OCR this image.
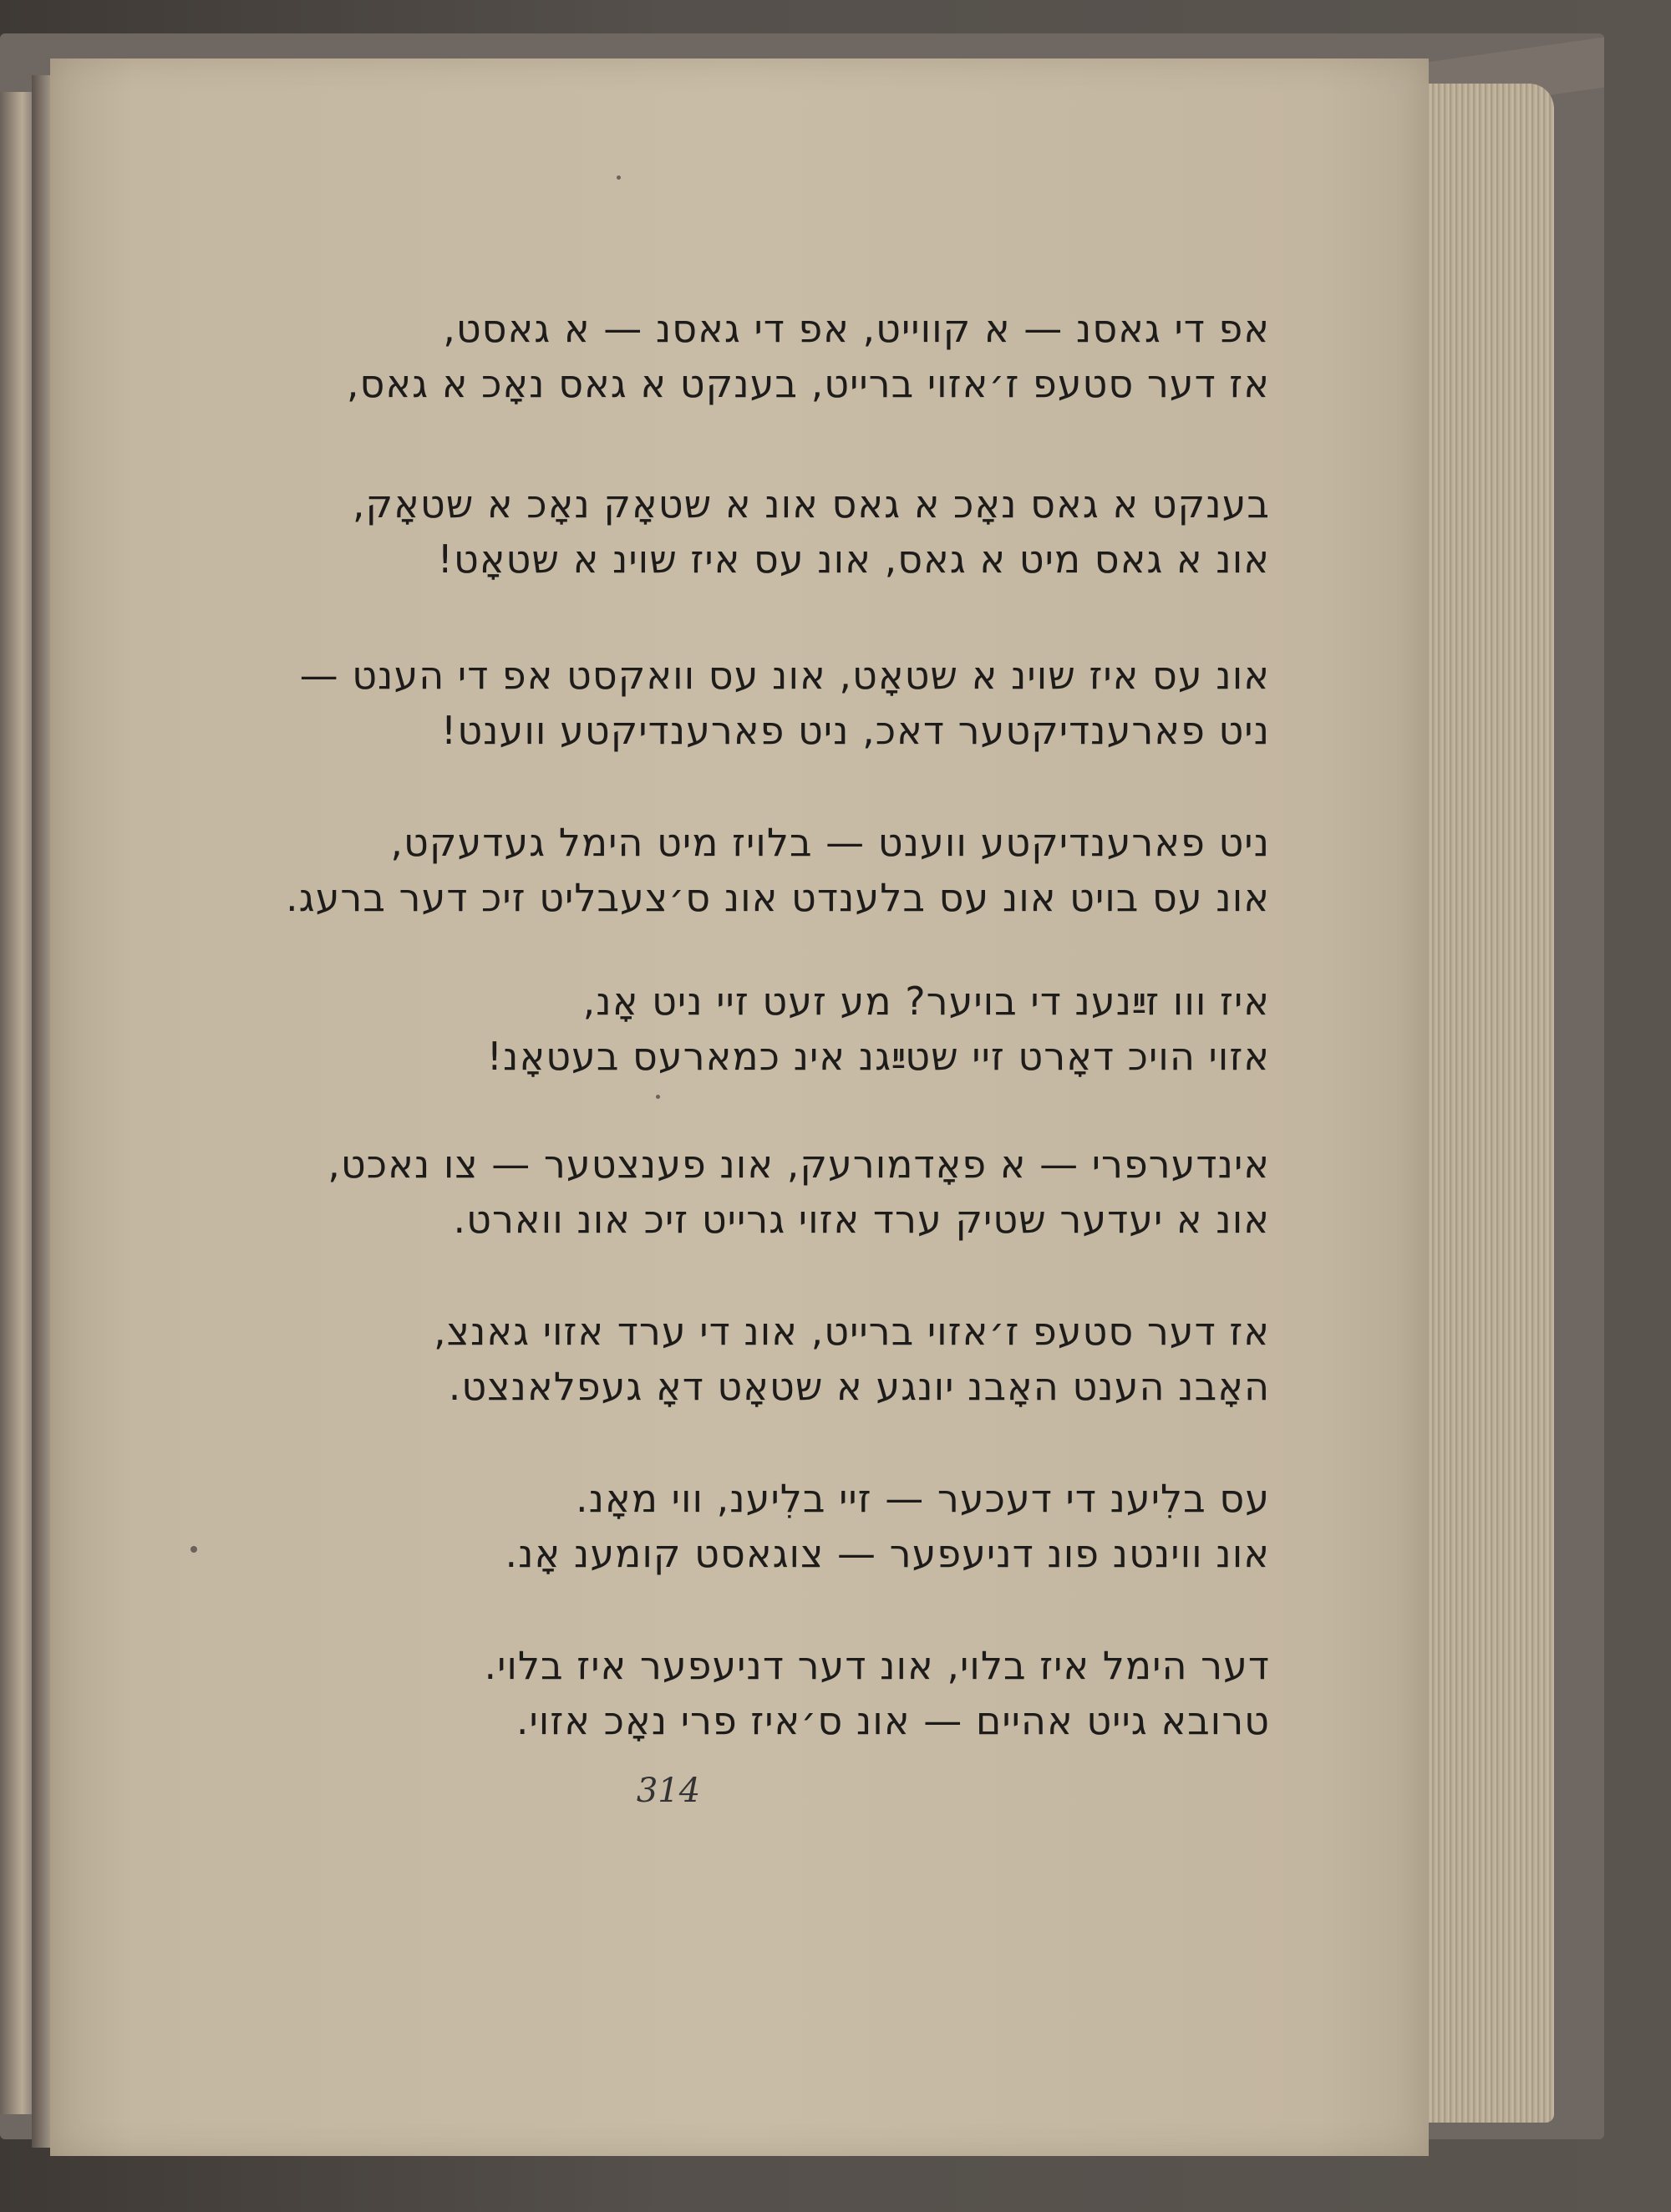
אפ די גאסנ — א קווייט, אפ די גאסנ — א גאסט,
אז דער סטעפ ז׳אזוי ברייט, בענקט א גאס נאָכ א גאס,
בענקט א גאס נאָכ א גאס אונ א שטאָק נאָכ א שטאָק,
אונ א גאס מיט א גאס, אונ עס איז שוינ א שטאָט!
אונ עס איז שוינ א שטאָט, אונ עס וואקסט אפ די הענט —
ניט פארענדיקטער דאכ, ניט פארענדיקטע ווענט!
ניט פארענדיקטע ווענט — בלויז מיט הימל געדעקט,
אונ עס בויט אונ עס בלענדט אונ ס׳צעבליט זיכ דער ברעג.
איז ווו זײַנענ די בויער? מע זעט זיי ניט אָנ,
אזוי הויכ דאָרט זיי שטײַגנ אינ כמארעס בעטאָנ!
אינדערפרי — א פאָדמורעק, אונ פענצטער — צו נאכט,
אונ א יעדער שטיק ערד אזוי גרייט זיכ אונ ווארט.
אז דער סטעפ ז׳אזוי ברייט, אונ די ערד אזוי גאנצ,
האָבנ הענט האָבנ יונגע א שטאָט דאָ געפלאנצט.
עס בלִיענ די דעכער — זיי בלִיענ, ווי מאָנ.
אונ ווינטנ פונ דניעפער — צוגאסט קומענ אָנ.
דער הימל איז בלוי, אונ דער דניעפער איז בלוי.
טרובא גייט אהיים — אונ ס׳איז פרי נאָכ אזוי.
314
